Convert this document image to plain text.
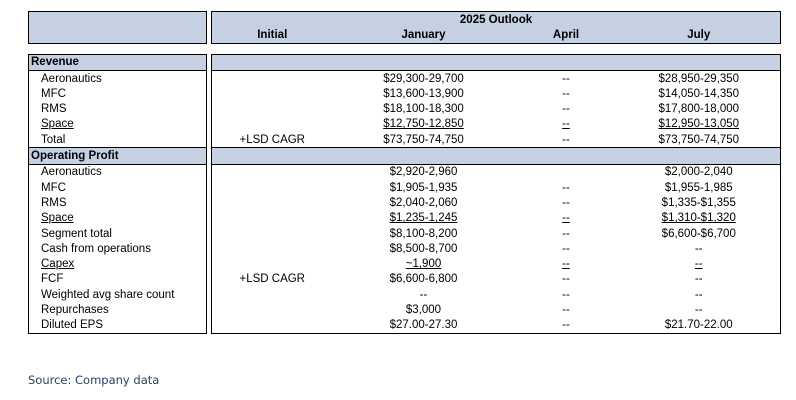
		2025 Outlook			
		Initial	January	April	July

Revenue					
Aeronautics			$29,300-29,700	--	$28,950-29,350
MFC			$13,600-13,900	--	$14,050-14,350
RMS			$18,100-18,300	--	$17,800-18,000
Space			$12,750-12,850	--	$12,950-13,050
Total		+LSD CAGR	$73,750-74,750	--	$73,750-74,750
Operating Profit					
Aeronautics			$2,920-2,960		$2,000-2,040
MFC			$1,905-1,935	--	$1,955-1,985
RMS			$2,040-2,060	--	$1,335-$1,355
Space			$1,235-1,245	--	$1,310-$1,320
Segment total			$8,100-8,200	--	$6,600-$6,700
Cash from operations			$8,500-8,700	--	--
Capex			~1,900	--	--
FCF		+LSD CAGR	$6,600-6,800	--	--
Weighted avg share count			--	--	--
Repurchases			$3,000	--	--
Diluted EPS			$27.00-27.30	--	$21.70-22.00
Source: Company data
